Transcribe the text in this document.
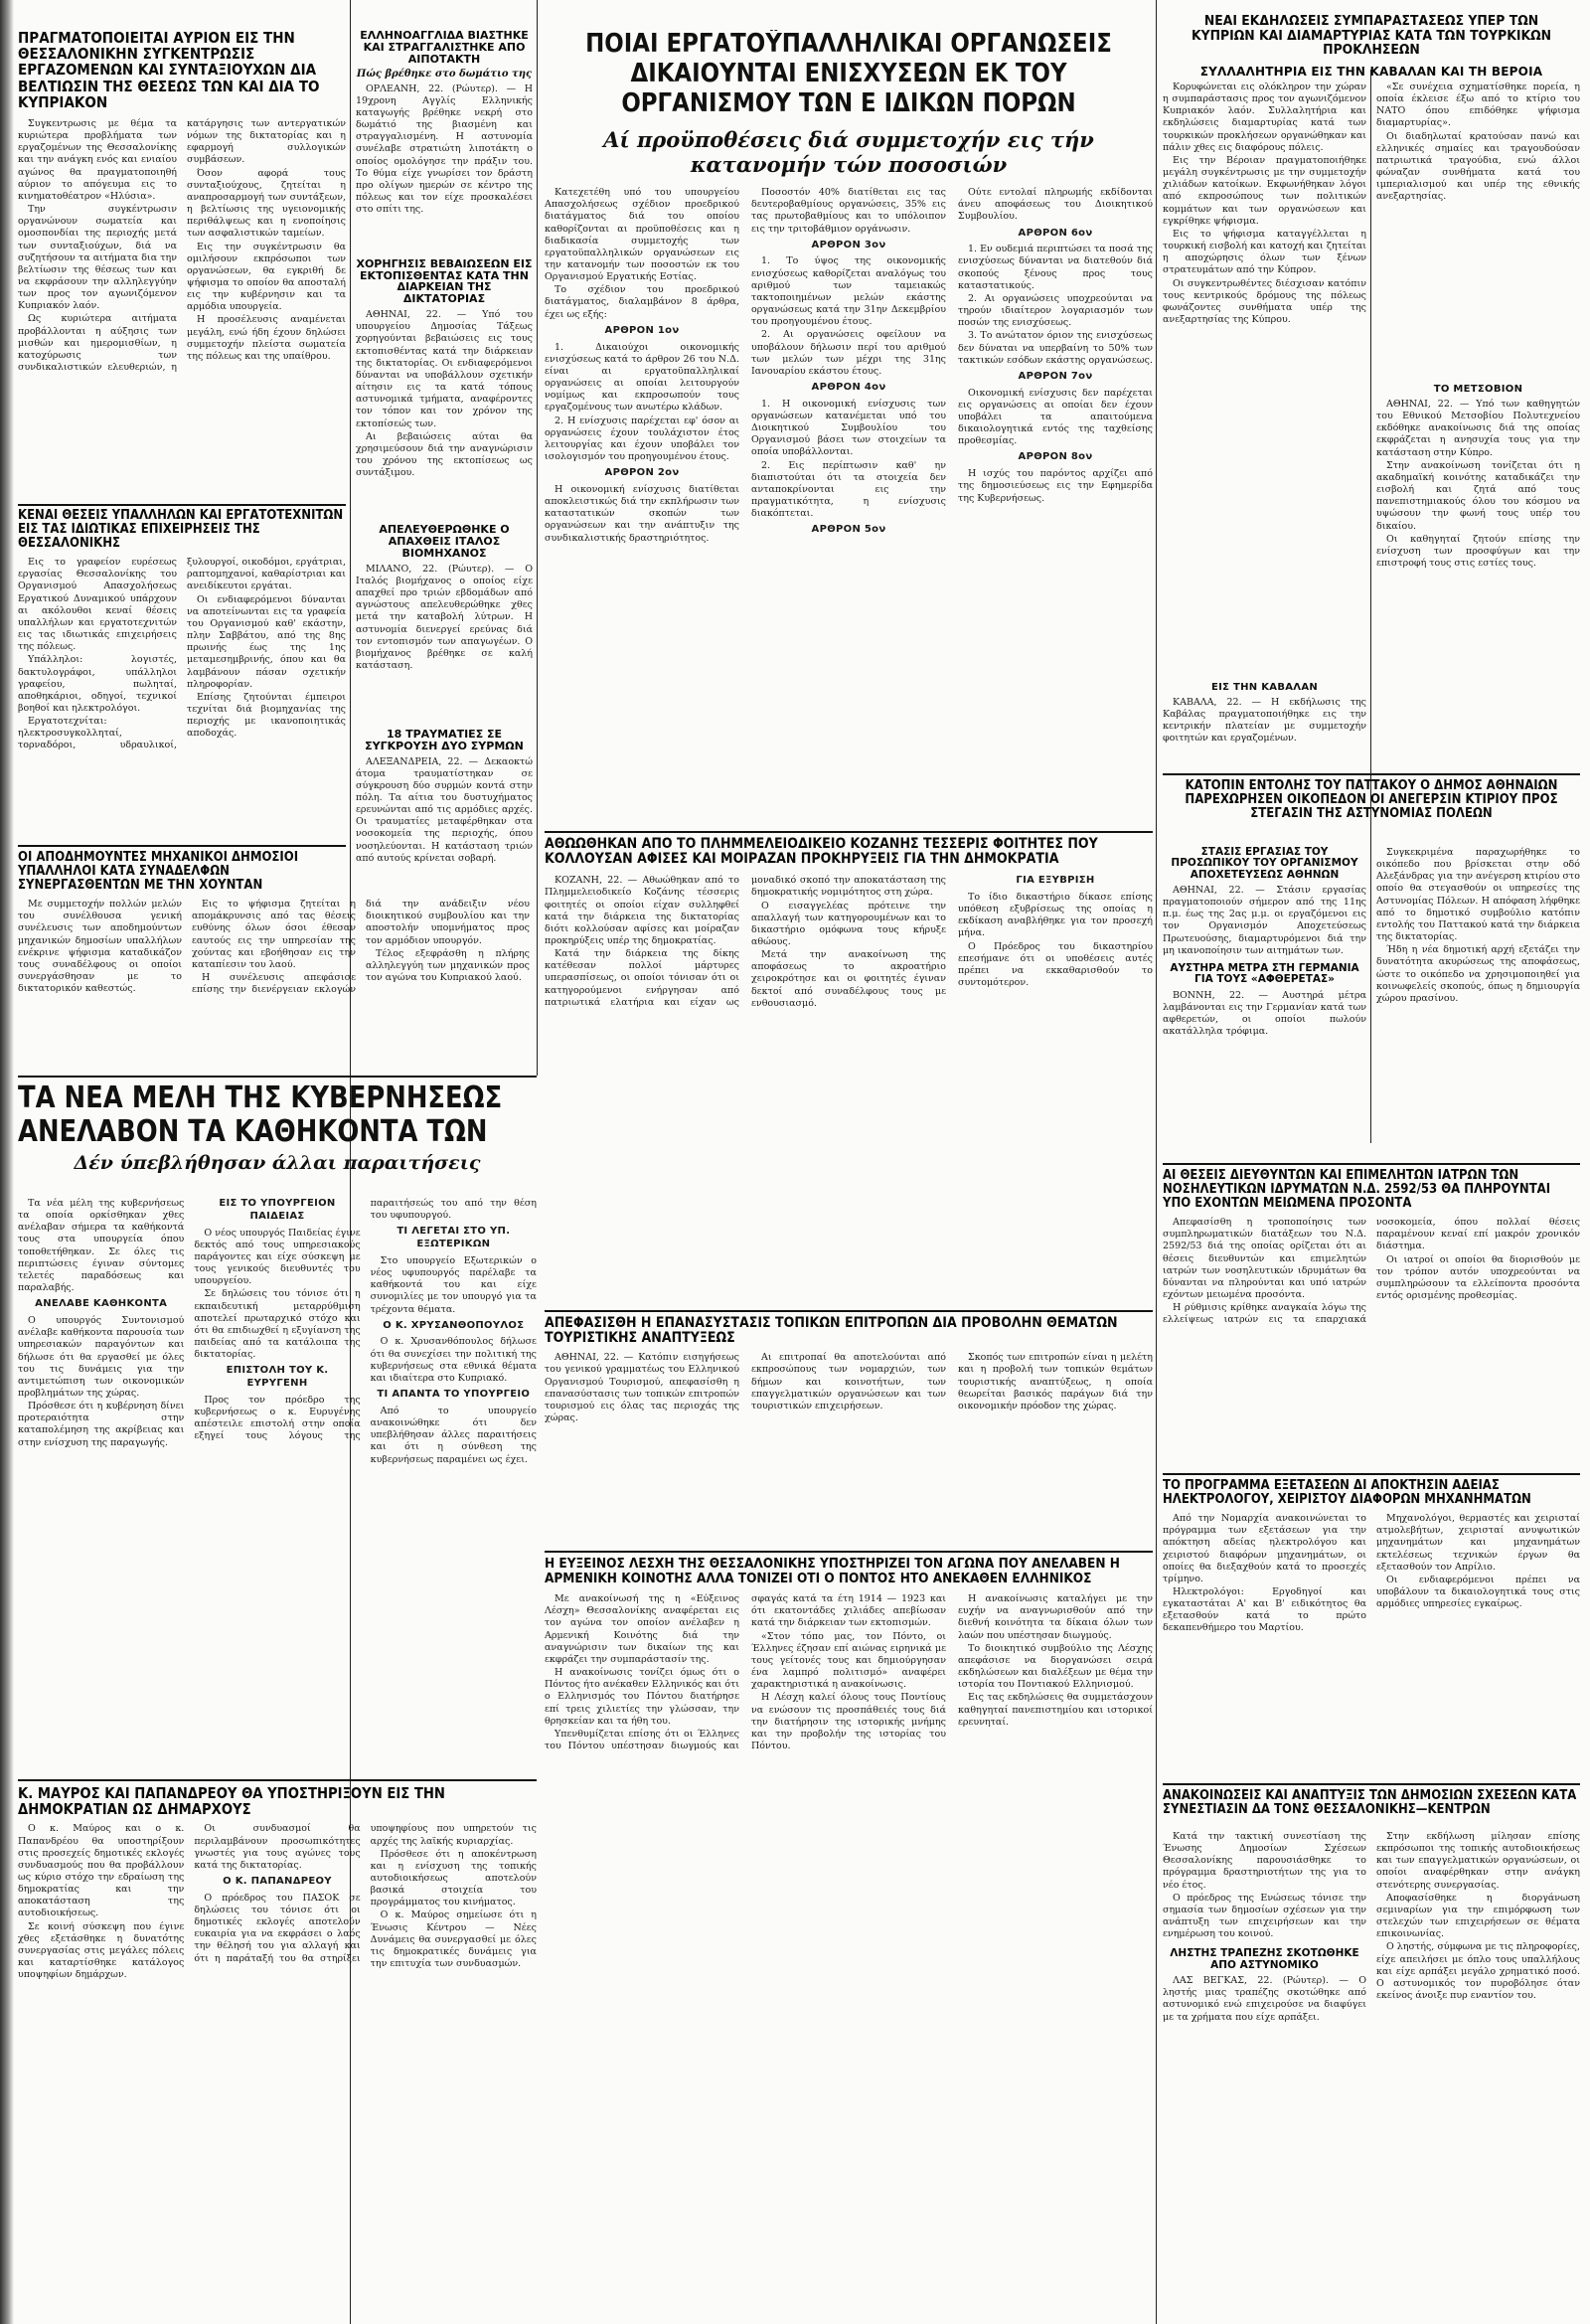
ΠΡΑΓΜΑΤΟΠΟΙΕΙΤΑΙ ΑΥΡΙΟΝ ΕΙΣ ΤΗΝ ΘΕΣΣΑΛΟΝΙΚΗΝ ΣΥΓΚΕΝΤΡΩΣΙΣ ΕΡΓΑΖΟΜΕΝΩΝ ΚΑΙ ΣΥΝΤΑΞΙΟΥΧΩΝ ΔΙΑ ΒΕΛΤΙΩΣΙΝ ΤΗΣ ΘΕΣΕΩΣ ΤΩΝ ΚΑΙ ΔΙΑ ΤΟ ΚΥΠΡΙΑΚΟΝ

Συγκεντρωσις με θέμα τα κυριώτερα προβλήματα των εργαζομένων της Θεσσαλονίκης και την ανάγκη ενός και ενιαίου αγώνος θα πραγματοποιηθή αύριον το απόγευμα εις το κινηματοθέατρον «Ηλύσια».

Την συγκέντρωσιν οργανώνουν σωματεία και ομοσπονδίαι της περιοχής μετά των συνταξιούχων, διά να συζητήσουν τα αιτήματα δια την βελτίωσιν της θέσεως των και να εκφράσουν την αλληλεγγύην των προς τον αγωνιζόμενον Κυπριακόν λαόν.

Ως κυριώτερα αιτήματα προβάλλονται η αύξησις των μισθών και ημερομισθίων, η κατοχύρωσις των συνδικαλιστικών ελευθεριών, η κατάργησις των αντεργατικών νόμων της δικτατορίας και η εφαρμογή συλλογικών συμβάσεων.

Όσον αφορά τους συνταξιούχους, ζητείται η αναπροσαρμογή των συντάξεων, η βελτίωσις της υγειονομικής περιθάλψεως και η ενοποίησις των ασφαλιστικών ταμείων.

Εις την συγκέντρωσιν θα ομιλήσουν εκπρόσωποι των οργανώσεων, θα εγκριθή δε ψήφισμα το οποίον θα αποσταλή εις την κυβέρνησιν και τα αρμόδια υπουργεία.

Η προσέλευσις αναμένεται μεγάλη, ενώ ήδη έχουν δηλώσει συμμετοχήν πλείστα σωματεία της πόλεως και της υπαίθρου.

ΚΕΝΑΙ ΘΕΣΕΙΣ ΥΠΑΛΛΗΛΩΝ ΚΑΙ ΕΡΓΑΤΟΤΕΧΝΙΤΩΝ ΕΙΣ ΤΑΣ ΙΔΙΩΤΙΚΑΣ ΕΠΙΧΕΙΡΗΣΕΙΣ ΤΗΣ ΘΕΣΣΑΛΟΝΙΚΗΣ

Εις το γραφείον ευρέσεως εργασίας Θεσσαλονίκης του Οργανισμού Απασχολήσεως Εργατικού Δυναμικού υπάρχουν αι ακόλουθοι κεναί θέσεις υπαλλήλων και εργατοτεχνιτών εις τας ιδιωτικάς επιχειρήσεις της πόλεως.

Υπάλληλοι: λογιστές, δακτυλογράφοι, υπάλληλοι γραφείου, πωληταί, αποθηκάριοι, οδηγοί, τεχνικοί βοηθοί και ηλεκτρολόγοι.

Εργατοτεχνίται: ηλεκτροσυγκολληταί, τορναδόροι, υδραυλικοί, ξυλουργοί, οικοδόμοι, εργάτριαι, ραπτομηχανοί, καθαρίστριαι και ανειδίκευτοι εργάται.

Οι ενδιαφερόμενοι δύνανται να αποτείνωνται εις τα γραφεία του Οργανισμού καθ' εκάστην, πλην Σαββάτου, από της 8ης πρωινής έως της 1ης μεταμεσημβρινής, όπου και θα λαμβάνουν πάσαν σχετικήν πληροφορίαν.

Επίσης ζητούνται έμπειροι τεχνίται διά βιομηχανίας της περιοχής με ικανοποιητικάς αποδοχάς.

ΟΙ ΑΠΟΔΗΜΟΥΝΤΕΣ ΜΗΧΑΝΙΚΟΙ ΔΗΜΟΣΙΟΙ ΥΠΑΛΛΗΛΟΙ ΚΑΤΑ ΣΥΝΑΔΕΛΦΩΝ ΣΥΝΕΡΓΑΣΘΕΝΤΩΝ ΜΕ ΤΗΝ ΧΟΥΝΤΑΝ

Με συμμετοχήν πολλών μελών του συνέλθουσα γενική συνέλευσις των αποδημούντων μηχανικών δημοσίων υπαλλήλων ενέκρινε ψήφισμα καταδικάζον τους συναδέλφους οι οποίοι συνεργάσθησαν με το δικτατορικόν καθεστώς.

Εις το ψήφισμα ζητείται η απομάκρυνσις από τας θέσεις ευθύνης όλων όσοι έθεσαν εαυτούς εις την υπηρεσίαν της χούντας και εβοήθησαν εις την καταπίεσιν του λαού.

Η συνέλευσις απεφάσισε επίσης την διενέργειαν εκλογών διά την ανάδειξιν νέου διοικητικού συμβουλίου και την αποστολήν υπομνήματος προς τον αρμόδιον υπουργόν.

Τέλος εξεφράσθη η πλήρης αλληλεγγύη των μηχανικών προς τον αγώνα του Κυπριακού λαού.

ΕΛΛΗΝΟΑΓΓΛΙΔΑ ΒΙΑΣΤΗΚΕ ΚΑΙ ΣΤΡΑΓΓΑΛΙΣΤΗΚΕ ΑΠΟ ΑΙΠΟΤΑΚΤΗ
Πώς βρέθηκε στο δωμάτιο της

ΟΡΛΕΑΝΗ, 22. (Ρώυτερ). — Η 19χρονη Αγγλίς Ελληνικής καταγωγής βρέθηκε νεκρή στο δωμάτιό της βιασμένη και στραγγαλισμένη. Η αστυνομία συνέλαβε στρατιώτη λιποτάκτη ο οποίος ομολόγησε την πράξιν του. Το θύμα είχε γνωρίσει τον δράστη προ ολίγων ημερών σε κέντρο της πόλεως και τον είχε προσκαλέσει στο σπίτι της.

ΧΟΡΗΓΗΣΙΣ ΒΕΒΑΙΩΣΕΩΝ ΕΙΣ ΕΚΤΟΠΙΣΘΕΝΤΑΣ ΚΑΤΑ ΤΗΝ ΔΙΑΡΚΕΙΑΝ ΤΗΣ ΔΙΚΤΑΤΟΡΙΑΣ

ΑΘΗΝΑΙ, 22. — Υπό του υπουργείου Δημοσίας Τάξεως χορηγούνται βεβαιώσεις εις τους εκτοπισθέντας κατά την διάρκειαν της δικτατορίας. Οι ενδιαφερόμενοι δύνανται να υποβάλλουν σχετικήν αίτησιν εις τα κατά τόπους αστυνομικά τμήματα, αναφέροντες τον τόπον και τον χρόνον της εκτοπίσεώς των.

Αι βεβαιώσεις αύται θα χρησιμεύσουν διά την αναγνώρισιν του χρόνου της εκτοπίσεως ως συντάξιμου.

ΑΠΕΛΕΥΘΕΡΩΘΗΚΕ Ο ΑΠΑΧΘΕΙΣ ΙΤΑΛΟΣ ΒΙΟΜΗΧΑΝΟΣ

ΜΙΛΑΝΟ, 22. (Ρώυτερ). — Ο Ιταλός βιομήχανος ο οποίος είχε απαχθεί προ τριών εβδομάδων από αγνώστους απελευθερώθηκε χθες μετά την καταβολή λύτρων. Η αστυνομία διενεργεί ερεύνας διά τον εντοπισμόν των απαγωγέων. Ο βιομήχανος βρέθηκε σε καλή κατάσταση.

18 ΤΡΑΥΜΑΤΙΕΣ ΣΕ ΣΥΓΚΡΟΥΣΗ ΔΥΟ ΣΥΡΜΩΝ

ΑΛΕΞΑΝΔΡΕΙΑ, 22. — Δεκαοκτώ άτομα τραυματίστηκαν σε σύγκρουση δύο συρμών κοντά στην πόλη. Τα αίτια του δυστυχήματος ερευνώνται από τις αρμόδιες αρχές. Οι τραυματίες μεταφέρθηκαν στα νοσοκομεία της περιοχής, όπου νοσηλεύονται. Η κατάσταση τριών από αυτούς κρίνεται σοβαρή.

ΠΟΙΑΙ ΕΡΓΑΤΟΫΠΑΛΛΗΛΙΚΑΙ ΟΡΓΑΝΩΣΕΙΣ ΔΙΚΑΙΟΥΝΤΑΙ ΕΝΙΣΧΥΣΕΩΝ ΕΚ ΤΟΥ ΟΡΓΑΝΙΣΜΟΥ ΤΩΝ Ε ΙΔΙΚΩΝ ΠΟΡΩΝ
Αί προϋποθέσεις διά συμμετοχήν εις τήν κατανομήν τών ποσοσιών

Κατεχετέθη υπό του υπουργείου Απασχολήσεως σχέδιον προεδρικού διατάγματος διά του οποίου καθορίζονται αι προϋποθέσεις και η διαδικασία συμμετοχής των εργατοϋπαλληλικών οργανώσεων εις την κατανομήν των ποσοστών εκ του Οργανισμού Εργατικής Εστίας.

Το σχέδιον του προεδρικού διατάγματος, διαλαμβάνον 8 άρθρα, έχει ως εξής:

ΑΡΘΡΟΝ 1ον

1. Δικαιούχοι οικονομικής ενισχύσεως κατά το άρθρον 26 του Ν.Δ. είναι αι εργατοϋπαλληλικαί οργανώσεις αι οποίαι λειτουργούν νομίμως και εκπροσωπούν τους εργαζομένους των ανωτέρω κλάδων.

2. Η ενίσχυσις παρέχεται εφ' όσον αι οργανώσεις έχουν τουλάχιστον έτος λειτουργίας και έχουν υποβάλει τον ισολογισμόν του προηγουμένου έτους.

ΑΡΘΡΟΝ 2ον

Η οικονομική ενίσχυσις διατίθεται αποκλειστικώς διά την εκπλήρωσιν των καταστατικών σκοπών των οργανώσεων και την ανάπτυξιν της συνδικαλιστικής δραστηριότητος.

Ποσοστόν 40% διατίθεται εις τας δευτεροβαθμίους οργανώσεις, 35% εις τας πρωτοβαθμίους και το υπόλοιπον εις την τριτοβάθμιον οργάνωσιν.

ΑΡΘΡΟΝ 3ον

1. Το ύψος της οικονομικής ενισχύσεως καθορίζεται αναλόγως του αριθμού των ταμειακώς τακτοποιημένων μελών εκάστης οργανώσεως κατά την 31ην Δεκεμβρίου του προηγουμένου έτους.

2. Αι οργανώσεις οφείλουν να υποβάλουν δήλωσιν περί του αριθμού των μελών των μέχρι της 31ης Ιανουαρίου εκάστου έτους.

ΑΡΘΡΟΝ 4ον

1. Η οικονομική ενίσχυσις των οργανώσεων κατανέμεται υπό του Διοικητικού Συμβουλίου του Οργανισμού βάσει των στοιχείων τα οποία υποβάλλονται.

2. Εις περίπτωσιν καθ' ην διαπιστούται ότι τα στοιχεία δεν ανταποκρίνονται εις την πραγματικότητα, η ενίσχυσις διακόπτεται.

ΑΡΘΡΟΝ 5ον

Ούτε εντολαί πληρωμής εκδίδονται άνευ αποφάσεως του Διοικητικού Συμβουλίου.

ΑΡΘΡΟΝ 6ον

1. Εν ουδεμιά περιπτώσει τα ποσά της ενισχύσεως δύνανται να διατεθούν διά σκοπούς ξένους προς τους καταστατικούς.

2. Αι οργανώσεις υποχρεούνται να τηρούν ιδιαίτερον λογαριασμόν των ποσών της ενισχύσεως.

3. Το ανώτατον όριον της ενισχύσεως δεν δύναται να υπερβαίνη το 50% των τακτικών εσόδων εκάστης οργανώσεως.

ΑΡΘΡΟΝ 7ον

Οικονομική ενίσχυσις δεν παρέχεται εις οργανώσεις αι οποίαι δεν έχουν υποβάλει τα απαιτούμενα δικαιολογητικά εντός της ταχθείσης προθεσμίας.

ΑΡΘΡΟΝ 8ον

Η ισχύς του παρόντος αρχίζει από της δημοσιεύσεως εις την Εφημερίδα της Κυβερνήσεως.

ΑΘΩΩΘΗΚΑΝ ΑΠΟ ΤΟ ΠΛΗΜΜΕΛΕΙΟΔΙΚΕΙΟ ΚΟΖΑΝΗΣ ΤΕΣΣΕΡΙΣ ΦΟΙΤΗΤΕΣ ΠΟΥ ΚΟΛΛΟΥΣΑΝ ΑΦΙΣΕΣ ΚΑΙ ΜΟΙΡΑΖΑΝ ΠΡΟΚΗΡΥΞΕΙΣ ΓΙΑ ΤΗΝ ΔΗΜΟΚΡΑΤΙΑ

ΚΟΖΑΝΗ, 22. — Αθωώθηκαν από το Πλημμελειοδικείο Κοζάνης τέσσερις φοιτητές οι οποίοι είχαν συλληφθεί κατά την διάρκεια της δικτατορίας διότι κολλούσαν αφίσες και μοίραζαν προκηρύξεις υπέρ της δημοκρατίας.

Κατά την διάρκεια της δίκης κατέθεσαν πολλοί μάρτυρες υπερασπίσεως, οι οποίοι τόνισαν ότι οι κατηγορούμενοι ενήργησαν από πατριωτικά ελατήρια και είχαν ως μοναδικό σκοπό την αποκατάσταση της δημοκρατικής νομιμότητος στη χώρα.

Ο εισαγγελέας πρότεινε την απαλλαγή των κατηγορουμένων και το δικαστήριο ομόφωνα τους κήρυξε αθώους.

Μετά την ανακοίνωση της αποφάσεως το ακροατήριο χειροκρότησε και οι φοιτητές έγιναν δεκτοί από συναδέλφους τους με ενθουσιασμό.

ΓΙΑ ΕΞΥΒΡΙΣΗ

Το ίδιο δικαστήριο δίκασε επίσης υπόθεση εξυβρίσεως της οποίας η εκδίκαση αναβλήθηκε για τον προσεχή μήνα.

Ο Πρόεδρος του δικαστηρίου επεσήμανε ότι οι υποθέσεις αυτές πρέπει να εκκαθαρισθούν το συντομότερον.

ΑΠΕΦΑΣΙΣΘΗ Η ΕΠΑΝΑΣΥΣΤΑΣΙΣ ΤΟΠΙΚΩΝ ΕΠΙΤΡΟΠΩΝ ΔΙΑ ΠΡΟΒΟΛΗΝ ΘΕΜΑΤΩΝ ΤΟΥΡΙΣΤΙΚΗΣ ΑΝΑΠΤΥΞΕΩΣ

ΑΘΗΝΑΙ, 22. — Κατόπιν εισηγήσεως του γενικού γραμματέως του Ελληνικού Οργανισμού Τουρισμού, απεφασίσθη η επανασύστασις των τοπικών επιτροπών τουρισμού εις όλας τας περιοχάς της χώρας.

Αι επιτροπαί θα αποτελούνται από εκπροσώπους των νομαρχιών, των δήμων και κοινοτήτων, των επαγγελματικών οργανώσεων και των τουριστικών επιχειρήσεων.

Σκοπός των επιτροπών είναι η μελέτη και η προβολή των τοπικών θεμάτων τουριστικής αναπτύξεως, η οποία θεωρείται βασικός παράγων διά την οικονομικήν πρόοδον της χώρας.

Η ΕΥΞΕΙΝΟΣ ΛΕΣΧΗ ΤΗΣ ΘΕΣΣΑΛΟΝΙΚΗΣ ΥΠΟΣΤΗΡΙΖΕΙ ΤΟΝ ΑΓΩΝΑ ΠΟΥ ΑΝΕΛΑΒΕΝ Η ΑΡΜΕΝΙΚΗ ΚΟΙΝΟΤΗΣ ΑΛΛΑ ΤΟΝΙΖΕΙ ΟΤΙ Ο ΠΟΝΤΟΣ ΗΤΟ ΑΝΕΚΑΘΕΝ ΕΛΛΗΝΙΚΟΣ

Με ανακοίνωσή της η «Εύξεινος Λέσχη» Θεσσαλονίκης αναφέρεται εις τον αγώνα τον οποίον ανέλαβεν η Αρμενική Κοινότης διά την αναγνώρισιν των δικαίων της και εκφράζει την συμπαράστασίν της.

Η ανακοίνωσις τονίζει όμως ότι ο Πόντος ήτο ανέκαθεν Ελληνικός και ότι ο Ελληνισμός του Πόντου διατήρησε επί τρεις χιλιετίες την γλώσσαν, την θρησκείαν και τα ήθη του.

Υπενθυμίζεται επίσης ότι οι Έλληνες του Πόντου υπέστησαν διωγμούς και σφαγάς κατά τα έτη 1914 — 1923 και ότι εκατοντάδες χιλιάδες απεβίωσαν κατά την διάρκειαν των εκτοπισμών.

«Στον τόπο μας, τον Πόντο, οι Έλληνες έζησαν επί αιώνας ειρηνικά με τους γείτονές τους και δημιούργησαν ένα λαμπρό πολιτισμό» αναφέρει χαρακτηριστικά η ανακοίνωσις.

Η Λέσχη καλεί όλους τους Ποντίους να ενώσουν τις προσπάθειές τους διά την διατήρησιν της ιστορικής μνήμης και την προβολήν της ιστορίας του Πόντου.

Η ανακοίνωσις καταλήγει με την ευχήν να αναγνωρισθούν από την διεθνή κοινότητα τα δίκαια όλων των λαών που υπέστησαν διωγμούς.

Το διοικητικό συμβούλιο της Λέσχης απεφάσισε να διοργανώσει σειρά εκδηλώσεων και διαλέξεων με θέμα την ιστορία του Ποντιακού Ελληνισμού.

Εις τας εκδηλώσεις θα συμμετάσχουν καθηγηταί πανεπιστημίου και ιστορικοί ερευνηταί.

ΤΑ ΝΕΑ ΜΕΛΗ ΤΗΣ ΚΥΒΕΡΝΗΣΕΩΣ ΑΝΕΛΑΒΟΝ ΤΑ ΚΑΘΗΚΟΝΤΑ ΤΩΝ
Δέν ύπεβλήθησαν άλλαι παραιτήσεις

Τα νέα μέλη της κυβερνήσεως τα οποία ορκίσθηκαν χθες ανέλαβαν σήμερα τα καθήκοντά τους στα υπουργεία όπου τοποθετήθηκαν. Σε όλες τις περιπτώσεις έγιναν σύντομες τελετές παραδόσεως και παραλαβής.

ΑΝΕΛΑΒΕ ΚΑΘΗΚΟΝΤΑ

Ο υπουργός Συντονισμού ανέλαβε καθήκοντα παρουσία των υπηρεσιακών παραγόντων και δήλωσε ότι θα εργασθεί με όλες του τις δυνάμεις για την αντιμετώπιση των οικονομικών προβλημάτων της χώρας.

Πρόσθεσε ότι η κυβέρνηση δίνει προτεραιότητα στην καταπολέμηση της ακρίβειας και στην ενίσχυση της παραγωγής.

ΕΙΣ ΤΟ ΥΠΟΥΡΓΕΙΟΝ ΠΑΙΔΕΙΑΣ

Ο νέος υπουργός Παιδείας έγινε δεκτός από τους υπηρεσιακούς παράγοντες και είχε σύσκεψη με τους γενικούς διευθυντές του υπουργείου.

Σε δηλώσεις του τόνισε ότι η εκπαιδευτική μεταρρύθμιση αποτελεί πρωταρχικό στόχο και ότι θα επιδιωχθεί η εξυγίανση της παιδείας από τα κατάλοιπα της δικτατορίας.

ΕΠΙΣΤΟΛΗ ΤΟΥ Κ. ΕΥΡΥΓΕΝΗ

Προς τον πρόεδρο της κυβερνήσεως ο κ. Ευρυγένης απέστειλε επιστολή στην οποία εξηγεί τους λόγους της παραιτήσεώς του από την θέση του υφυπουργού.

ΤΙ ΛΕΓΕΤΑΙ ΣΤΟ ΥΠ. ΕΞΩΤΕΡΙΚΩΝ

Στο υπουργείο Εξωτερικών ο νέος υφυπουργός παρέλαβε τα καθήκοντά του και είχε συνομιλίες με τον υπουργό για τα τρέχοντα θέματα.

Ο Κ. ΧΡΥΣΑΝΘΟΠΟΥΛΟΣ

Ο κ. Χρυσανθόπουλος δήλωσε ότι θα συνεχίσει την πολιτική της κυβερνήσεως στα εθνικά θέματα και ιδιαίτερα στο Κυπριακό.

ΤΙ ΑΠΑΝΤΑ ΤΟ ΥΠΟΥΡΓΕΙΟ

Από το υπουργείο ανακοινώθηκε ότι δεν υπεβλήθησαν άλλες παραιτήσεις και ότι η σύνθεση της κυβερνήσεως παραμένει ως έχει.

Κ. ΜΑΥΡΟΣ ΚΑΙ ΠΑΠΑΝΔΡΕΟΥ ΘΑ ΥΠΟΣΤΗΡΙΞΟΥΝ ΕΙΣ ΤΗΝ ΔΗΜΟΚΡΑΤΙΑΝ ΩΣ ΔΗΜΑΡΧΟΥΣ

Ο κ. Μαύρος και ο κ. Παπανδρέου θα υποστηρίξουν στις προσεχείς δημοτικές εκλογές συνδυασμούς που θα προβάλλουν ως κύριο στόχο την εδραίωση της δημοκρατίας και την αποκατάσταση της αυτοδιοικήσεως.

Σε κοινή σύσκεψη που έγινε χθες εξετάσθηκε η δυνατότης συνεργασίας στις μεγάλες πόλεις και καταρτίσθηκε κατάλογος υποψηφίων δημάρχων.

Οι συνδυασμοί θα περιλαμβάνουν προσωπικότητες γνωστές για τους αγώνες τους κατά της δικτατορίας.

Ο Κ. ΠΑΠΑΝΔΡΕΟΥ

Ο πρόεδρος του ΠΑΣΟΚ σε δηλώσεις του τόνισε ότι οι δημοτικές εκλογές αποτελούν ευκαιρία για να εκφράσει ο λαός την θέλησή του για αλλαγή και ότι η παράταξή του θα στηρίξει υποψηφίους που υπηρετούν τις αρχές της λαϊκής κυριαρχίας.

Πρόσθεσε ότι η αποκέντρωση και η ενίσχυση της τοπικής αυτοδιοικήσεως αποτελούν βασικά στοιχεία του προγράμματος του κινήματος.

Ο κ. Μαύρος σημείωσε ότι η Ένωσις Κέντρου — Νέες Δυνάμεις θα συνεργασθεί με όλες τις δημοκρατικές δυνάμεις για την επιτυχία των συνδυασμών.

ΝΕΑΙ ΕΚΔΗΛΩΣΕΙΣ ΣΥΜΠΑΡΑΣΤΑΣΕΩΣ ΥΠΕΡ ΤΩΝ ΚΥΠΡΙΩΝ ΚΑΙ ΔΙΑΜΑΡΤΥΡΙΑΣ ΚΑΤΑ ΤΩΝ ΤΟΥΡΚΙΚΩΝ ΠΡΟΚΛΗΣΕΩΝ
ΣΥΛΛΑΛΗΤΗΡΙΑ ΕΙΣ ΤΗΝ ΚΑΒΑΛΑΝ ΚΑΙ ΤΗ ΒΕΡΟΙΑ

Κορυφώνεται εις ολόκληρον την χώραν η συμπαράστασις προς τον αγωνιζόμενον Κυπριακόν λαόν. Συλλαλητήρια και εκδηλώσεις διαμαρτυρίας κατά των τουρκικών προκλήσεων οργανώθηκαν και πάλιν χθες εις διαφόρους πόλεις.

Εις την Βέροιαν πραγματοποιήθηκε μεγάλη συγκέντρωσις με την συμμετοχήν χιλιάδων κατοίκων. Εκφωνήθηκαν λόγοι από εκπροσώπους των πολιτικών κομμάτων και των οργανώσεων και εγκρίθηκε ψήφισμα.

Εις το ψήφισμα καταγγέλλεται η τουρκική εισβολή και κατοχή και ζητείται η αποχώρησις όλων των ξένων στρατευμάτων από την Κύπρον.

Οι συγκεντρωθέντες διέσχισαν κατόπιν τους κεντρικούς δρόμους της πόλεως φωνάζοντες συνθήματα υπέρ της ανεξαρτησίας της Κύπρου.

ΕΙΣ ΤΗΝ ΚΑΒΑΛΑΝ

ΚΑΒΑΛΑ, 22. — Η εκδήλωσις της Καβάλας πραγματοποιήθηκε εις την κεντρικήν πλατείαν με συμμετοχήν φοιτητών και εργαζομένων.

«Σε συνέχεια σχηματίσθηκε πορεία, η οποία έκλεισε έξω από το κτίριο του ΝΑΤΟ όπου επιδόθηκε ψήφισμα διαμαρτυρίας».

Οι διαδηλωταί κρατούσαν πανώ και ελληνικές σημαίες και τραγουδούσαν πατριωτικά τραγούδια, ενώ άλλοι φώναζαν συνθήματα κατά του ιμπεριαλισμού και υπέρ της εθνικής ανεξαρτησίας.

ΤΟ ΜΕΤΣΟΒΙΟΝ

ΑΘΗΝΑΙ, 22. — Υπό των καθηγητών του Εθνικού Μετσοβίου Πολυτεχνείου εκδόθηκε ανακοίνωσις διά της οποίας εκφράζεται η ανησυχία τους για την κατάσταση στην Κύπρο.

Στην ανακοίνωση τονίζεται ότι η ακαδημαϊκή κοινότης καταδικάζει την εισβολή και ζητά από τους πανεπιστημιακούς όλου του κόσμου να υψώσουν την φωνή τους υπέρ του δικαίου.

Οι καθηγηταί ζητούν επίσης την ενίσχυση των προσφύγων και την επιστροφή τους στις εστίες τους.

ΚΑΤΟΠΙΝ ΕΝΤΟΛΗΣ ΤΟΥ ΠΑΤΤΑΚΟΥ Ο ΔΗΜΟΣ ΑΘΗΝΑΙΩΝ ΠΑΡΕΧΩΡΗΣΕΝ ΟΙΚΟΠΕΔΟΝ ΟΙ ΑΝΕΓΕΡΣΙΝ ΚΤΙΡΙΟΥ ΠΡΟΣ ΣΤΕΓΑΣΙΝ ΤΗΣ ΑΣΤΥΝΟΜΙΑΣ ΠΟΛΕΩΝ
ΣΤΑΣΙΣ ΕΡΓΑΣΙΑΣ ΤΟΥ ΠΡΟΣΩΠΙΚΟΥ ΤΟΥ ΟΡΓΑΝΙΣΜΟΥ ΑΠΟΧΕΤΕΥΣΕΩΣ ΑΘΗΝΩΝ

ΑΘΗΝΑΙ, 22. — Στάσιν εργασίας πραγματοποιούν σήμερον από της 11ης π.μ. έως της 2ας μ.μ. οι εργαζόμενοι εις τον Οργανισμόν Αποχετεύσεως Πρωτευούσης, διαμαρτυρόμενοι διά την μη ικανοποίησιν των αιτημάτων των.

ΑΥΣΤΗΡΑ ΜΕΤΡΑ ΣΤΗ ΓΕΡΜΑΝΙΑ ΓΙΑ ΤΟΥΣ «ΑΦΘΕΡΕΤΑΣ»

ΒΟΝΝΗ, 22. — Αυστηρά μέτρα λαμβάνονται εις την Γερμανίαν κατά των αφθερετών, οι οποίοι πωλούν ακατάλληλα τρόφιμα.

Συγκεκριμένα παραχωρήθηκε το οικόπεδο που βρίσκεται στην οδό Αλεξάνδρας για την ανέγερση κτιρίου στο οποίο θα στεγασθούν οι υπηρεσίες της Αστυνομίας Πόλεων. Η απόφαση λήφθηκε από το δημοτικό συμβούλιο κατόπιν εντολής του Παττακού κατά την διάρκεια της δικτατορίας.

Ήδη η νέα δημοτική αρχή εξετάζει την δυνατότητα ακυρώσεως της αποφάσεως, ώστε το οικόπεδο να χρησιμοποιηθεί για κοινωφελείς σκοπούς, όπως η δημιουργία χώρου πρασίνου.

ΑΙ ΘΕΣΕΙΣ ΔΙΕΥΘΥΝΤΩΝ ΚΑΙ ΕΠΙΜΕΛΗΤΩΝ ΙΑΤΡΩΝ ΤΩΝ ΝΟΣΗΛΕΥΤΙΚΩΝ ΙΔΡΥΜΑΤΩΝ Ν.Δ. 2592/53 ΘΑ ΠΛΗΡΟΥΝΤΑΙ ΥΠΟ ΕΧΟΝΤΩΝ ΜΕΙΩΜΕΝΑ ΠΡΟΣΟΝΤΑ

Απεφασίσθη η τροποποίησις των συμπληρωματικών διατάξεων του Ν.Δ. 2592/53 διά της οποίας ορίζεται ότι αι θέσεις διευθυντών και επιμελητών ιατρών των νοσηλευτικών ιδρυμάτων θα δύνανται να πληρούνται και υπό ιατρών εχόντων μειωμένα προσόντα.

Η ρύθμισις κρίθηκε αναγκαία λόγω της ελλείψεως ιατρών εις τα επαρχιακά νοσοκομεία, όπου πολλαί θέσεις παραμένουν κεναί επί μακρόν χρονικόν διάστημα.

Οι ιατροί οι οποίοι θα διορισθούν με τον τρόπον αυτόν υποχρεούνται να συμπληρώσουν τα ελλείποντα προσόντα εντός ορισμένης προθεσμίας.

ΤΟ ΠΡΟΓΡΑΜΜΑ ΕΞΕΤΑΣΕΩΝ ΔΙ ΑΠΟΚΤΗΣΙΝ ΑΔΕΙΑΣ ΗΛΕΚΤΡΟΛΟΓΟΥ, ΧΕΙΡΙΣΤΟΥ ΔΙΑΦΟΡΩΝ ΜΗΧΑΝΗΜΑΤΩΝ

Από την Νομαρχία ανακοινώνεται το πρόγραμμα των εξετάσεων για την απόκτηση αδείας ηλεκτρολόγου και χειριστού διαφόρων μηχανημάτων, οι οποίες θα διεξαχθούν κατά το προσεχές τρίμηνο.

Ηλεκτρολόγοι: Εργοδηγοί και εγκαταστάται Α' και Β' ειδικότητος θα εξετασθούν κατά το πρώτο δεκαπενθήμερο του Μαρτίου.

Μηχανολόγοι, θερμαστές και χειρισταί ατμολεβήτων, χειρισταί ανυψωτικών μηχανημάτων και μηχανημάτων εκτελέσεως τεχνικών έργων θα εξετασθούν τον Απρίλιο.

Οι ενδιαφερόμενοι πρέπει να υποβάλουν τα δικαιολογητικά τους στις αρμόδιες υπηρεσίες εγκαίρως.

ΑΝΑΚΟΙΝΩΣΕΙΣ ΚΑΙ ΑΝΑΠΤΥΞΙΣ ΤΩΝ ΔΗΜΟΣΙΩΝ ΣΧΕΣΕΩΝ ΚΑΤΑ ΣΥΝΕΣΤΙΑΣΙΝ ΔΑ ΤΟΝΣ ΘΕΣΣΑΛΟΝΙΚΗΣ—ΚΕΝΤΡΩΝ

Κατά την τακτική συνεστίαση της Ένωσης Δημοσίων Σχέσεων Θεσσαλονίκης παρουσιάσθηκε το πρόγραμμα δραστηριοτήτων της για το νέο έτος.

Ο πρόεδρος της Ενώσεως τόνισε την σημασία των δημοσίων σχέσεων για την ανάπτυξη των επιχειρήσεων και την ενημέρωση του κοινού.

ΛΗΣΤΗΣ ΤΡΑΠΕΖΗΣ ΣΚΟΤΩΘΗΚΕ ΑΠΟ ΑΣΤΥΝΟΜΙΚΟ

ΛΑΣ ΒΕΓΚΑΣ, 22. (Ρώυτερ). — Ο ληστής μιας τραπέζης σκοτώθηκε από αστυνομικό ενώ επιχειρούσε να διαφύγει με τα χρήματα που είχε αρπάξει.

Στην εκδήλωση μίλησαν επίσης εκπρόσωποι της τοπικής αυτοδιοικήσεως και των επαγγελματικών οργανώσεων, οι οποίοι αναφέρθηκαν στην ανάγκη στενότερης συνεργασίας.

Αποφασίσθηκε η διοργάνωση σεμιναρίων για την επιμόρφωση των στελεχών των επιχειρήσεων σε θέματα επικοινωνίας.

Ο ληστής, σύμφωνα με τις πληροφορίες, είχε απειλήσει με όπλο τους υπαλλήλους και είχε αρπάξει μεγάλο χρηματικό ποσό. Ο αστυνομικός τον πυροβόλησε όταν εκείνος άνοιξε πυρ εναντίον του.
